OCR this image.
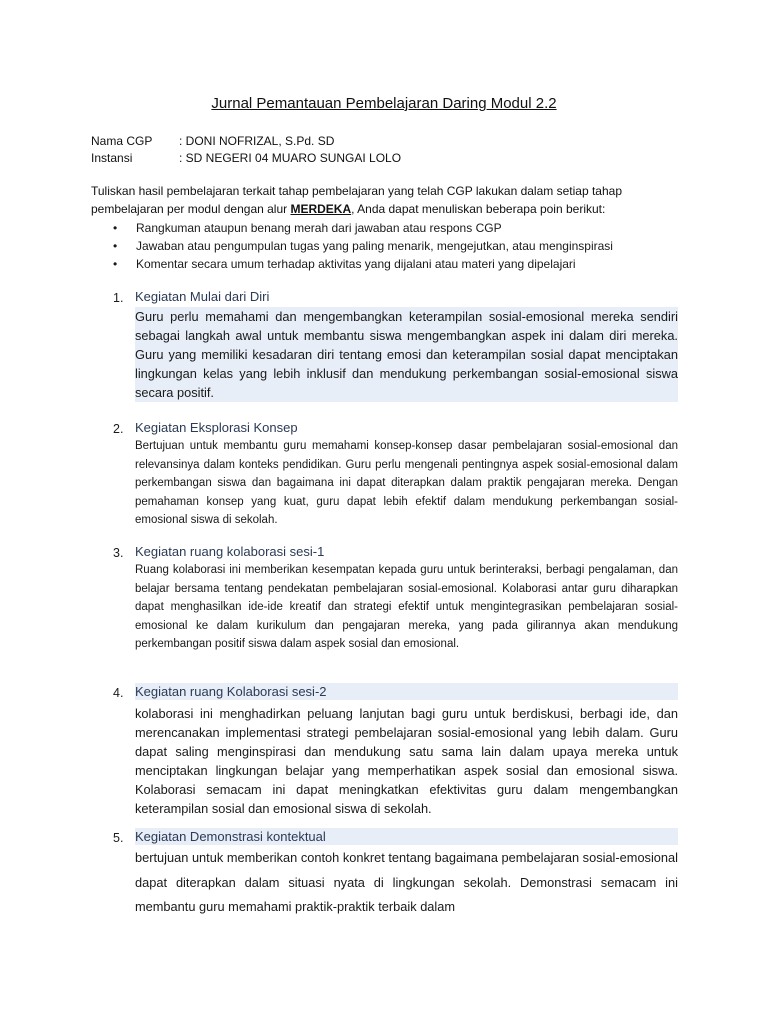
Jurnal Pemantauan Pembelajaran Daring Modul 2.2
Nama CGP : DONI NOFRIZAL, S.Pd. SD
Instansi	: SD NEGERI 04 MUARO SUNGAI LOLO
Tuliskan hasil pembelajaran terkait tahap pembelajaran yang telah CGP lakukan dalam setiap tahap pembelajaran per modul dengan alur MERDEKA, Anda dapat menuliskan beberapa poin berikut:
• Rangkuman ataupun benang merah dari jawaban atau respons CGP
• Jawaban atau pengumpulan tugas yang paling menarik, mengejutkan, atau menginspirasi
• Komentar secara umum terhadap aktivitas yang dijalani atau materi yang dipelajari
1. Kegiatan Mulai dari Diri
Guru perlu memahami dan mengembangkan keterampilan sosial-emosional mereka sendiri sebagai langkah awal untuk membantu siswa mengembangkan aspek ini dalam diri mereka. Guru yang memiliki kesadaran diri tentang emosi dan keterampilan sosial dapat menciptakan lingkungan kelas yang lebih inklusif dan mendukung perkembangan sosial-emosional siswa secara positif.
2. Kegiatan Eksplorasi Konsep
Bertujuan untuk membantu guru memahami konsep-konsep dasar pembelajaran sosial-emosional dan relevansinya dalam konteks pendidikan. Guru perlu mengenali pentingnya aspek sosial-emosional dalam perkembangan siswa dan bagaimana ini dapat diterapkan dalam praktik pengajaran mereka. Dengan pemahaman konsep yang kuat, guru dapat lebih efektif dalam mendukung perkembangan sosial-emosional siswa di sekolah.
3. Kegiatan ruang kolaborasi sesi-1
Ruang kolaborasi ini memberikan kesempatan kepada guru untuk berinteraksi, berbagi pengalaman, dan belajar bersama tentang pendekatan pembelajaran sosial-emosional. Kolaborasi antar guru diharapkan dapat menghasilkan ide-ide kreatif dan strategi efektif untuk mengintegrasikan pembelajaran sosial-emosional ke dalam kurikulum dan pengajaran mereka, yang pada gilirannya akan mendukung perkembangan positif siswa dalam aspek sosial dan emosional.
4. Kegiatan ruang Kolaborasi sesi-2
kolaborasi ini menghadirkan peluang lanjutan bagi guru untuk berdiskusi, berbagi ide, dan merencanakan implementasi strategi pembelajaran sosial-emosional yang lebih dalam. Guru dapat saling menginspirasi dan mendukung satu sama lain dalam upaya mereka untuk menciptakan lingkungan belajar yang memperhatikan aspek sosial dan emosional siswa. Kolaborasi semacam ini dapat meningkatkan efektivitas guru dalam mengembangkan keterampilan sosial dan emosional siswa di sekolah.
5. Kegiatan Demonstrasi kontektual
bertujuan untuk memberikan contoh konkret tentang bagaimana pembelajaran sosial-emosional dapat diterapkan dalam situasi nyata di lingkungan sekolah. Demonstrasi semacam ini membantu guru memahami praktik-praktik terbaik dalam
